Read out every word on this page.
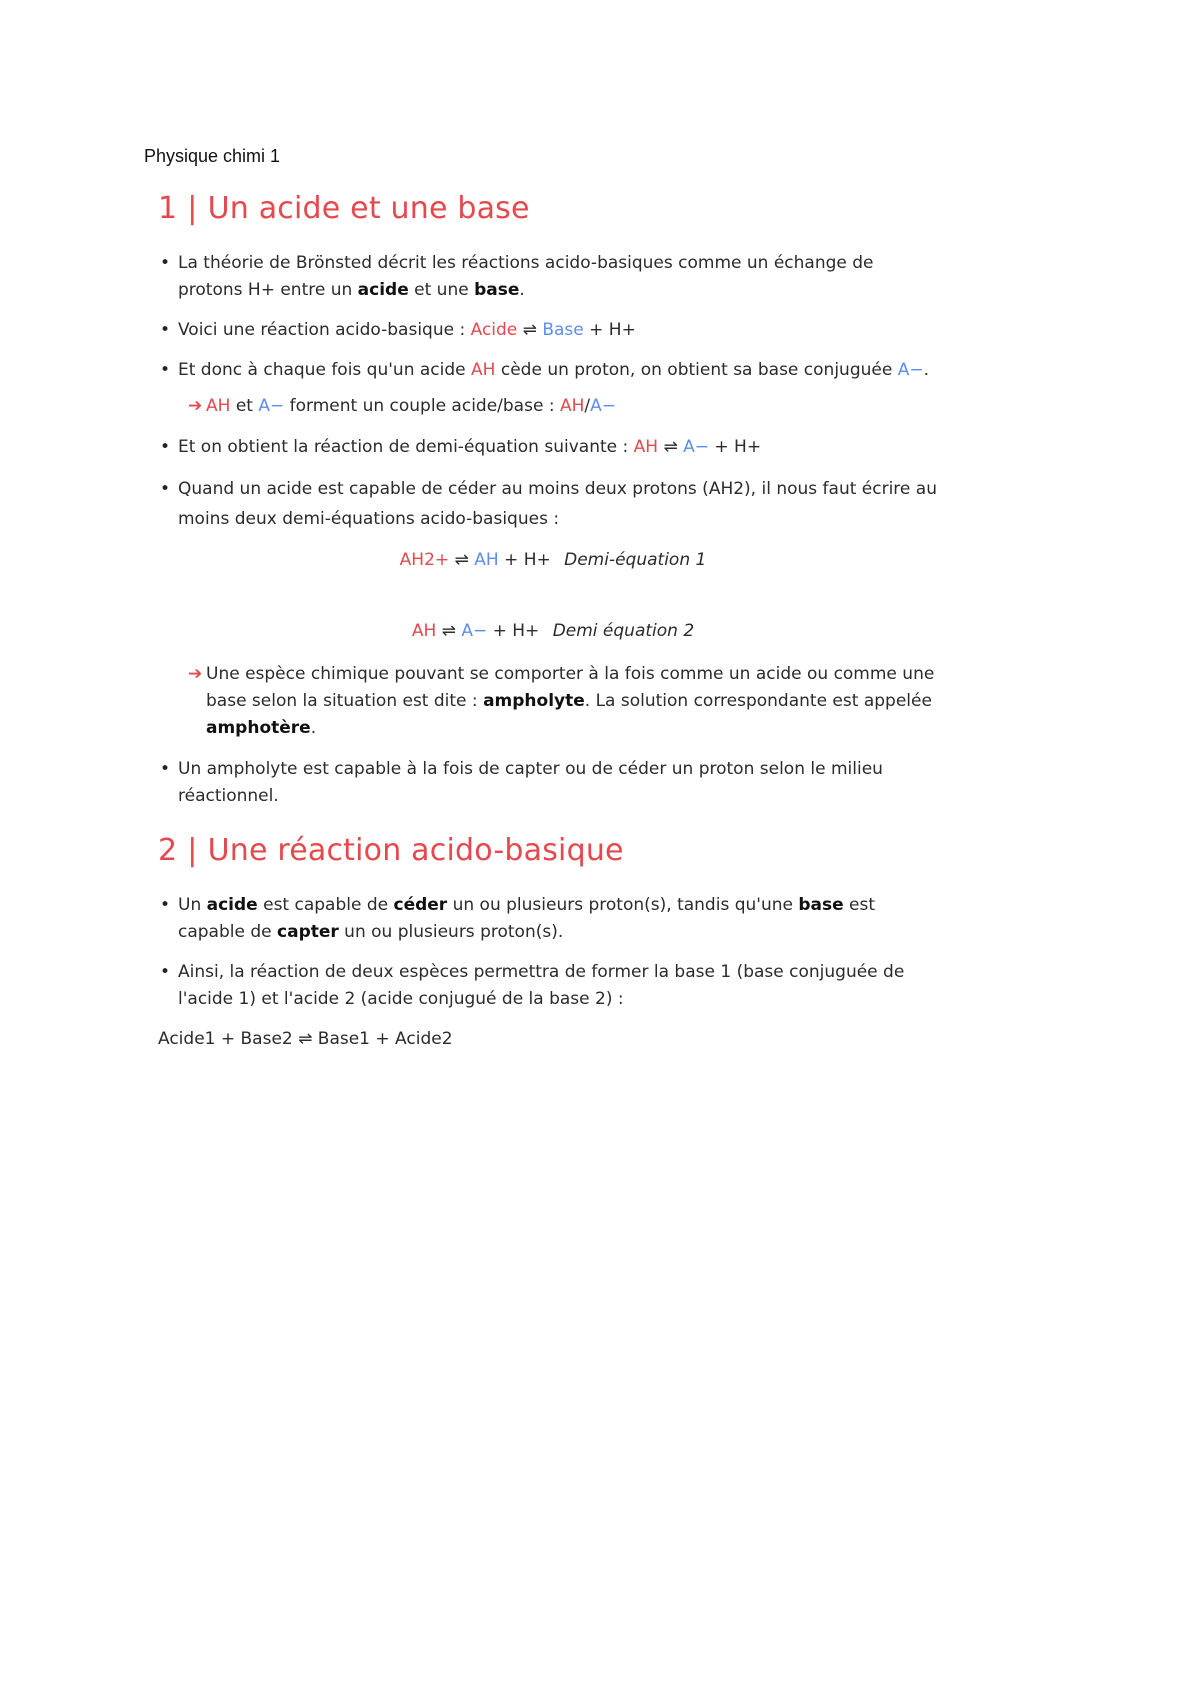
Physique chimi 1
1 | Un acide et une base
• La théorie de Brönsted décrit les réactions acido-basiques comme un échange de protons H+ entre un acide et une base.
• Voici une réaction acido-basique : Acide ⇌ Base + H+
• Et donc à chaque fois qu'un acide AH cède un proton, on obtient sa base conjuguée A−.
➔ AH et A− forment un couple acide/base : AH/A−
• Et on obtient la réaction de demi-équation suivante : AH ⇌ A− + H+
• Quand un acide est capable de céder au moins deux protons (AH2), il nous faut écrire au moins deux demi-équations acido-basiques :
AH2+ ⇌ AH + H+ Demi-équation 1
AH ⇌ A− + H+ Demi équation 2
➔ Une espèce chimique pouvant se comporter à la fois comme un acide ou comme une base selon la situation est dite : ampholyte. La solution correspondante est appelée amphotère.
• Un ampholyte est capable à la fois de capter ou de céder un proton selon le milieu réactionnel.
2 | Une réaction acido-basique
• Un acide est capable de céder un ou plusieurs proton(s), tandis qu'une base est capable de capter un ou plusieurs proton(s).
• Ainsi, la réaction de deux espèces permettra de former la base 1 (base conjuguée de l'acide 1) et l'acide 2 (acide conjugué de la base 2) :
Acide1 + Base2 ⇌ Base1 + Acide2
